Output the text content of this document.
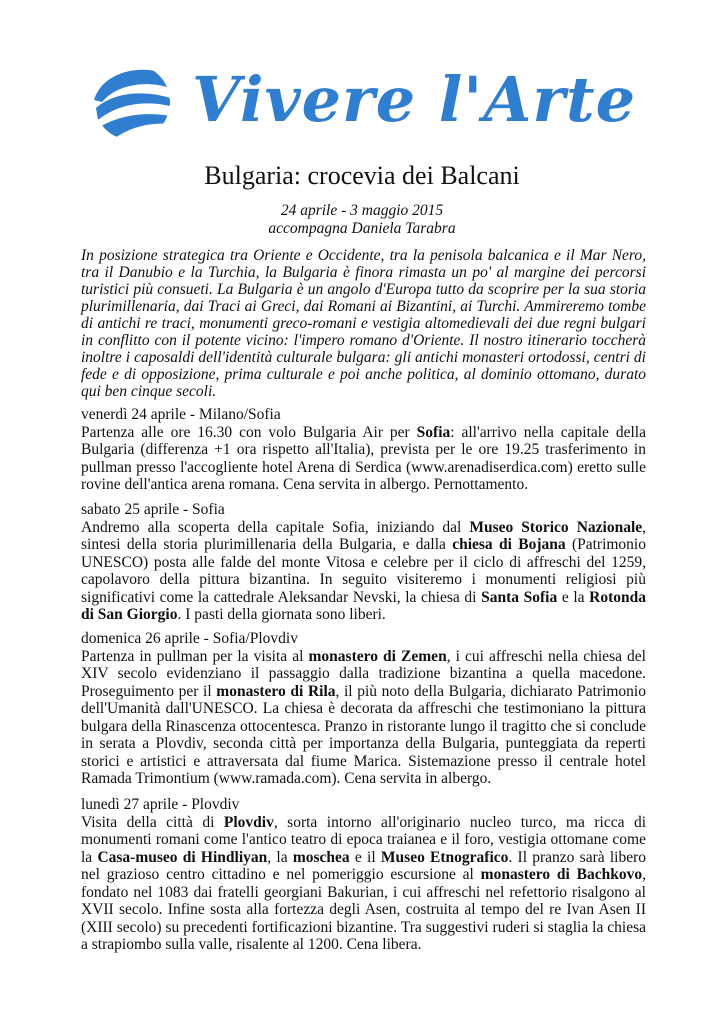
Vivere l'Arte
Bulgaria: crocevia dei Balcani
24 aprile - 3 maggio 2015
accompagna Daniela Tarabra
In posizione strategica tra Oriente e Occidente, tra la penisola balcanica e il Mar Nero, tra il Danubio e la Turchia, la Bulgaria è finora rimasta un po' al margine dei percorsi turistici più consueti. La Bulgaria è un angolo d'Europa tutto da scoprire per la sua storia plurimillenaria, dai Traci ai Greci, dai Romani ai Bizantini, ai Turchi. Ammireremo tombe di antichi re traci, monumenti greco-romani e vestigia altomedievali dei due regni bulgari in conflitto con il potente vicino: l'impero romano d'Oriente. Il nostro itinerario toccherà inoltre i caposaldi dell'identità culturale bulgara: gli antichi monasteri ortodossi, centri di fede e di opposizione, prima culturale e poi anche politica, al dominio ottomano, durato qui ben cinque secoli.
venerdì 24 aprile - Milano/Sofia
Partenza alle ore 16.30 con volo Bulgaria Air per Sofia: all'arrivo nella capitale della Bulgaria (differenza +1 ora rispetto all'Italia), prevista per le ore 19.25 trasferimento in pullman presso l'accogliente hotel Arena di Serdica (www.arenadiserdica.com) eretto sulle rovine dell'antica arena romana. Cena servita in albergo. Pernottamento.
sabato 25 aprile - Sofia
Andremo alla scoperta della capitale Sofia, iniziando dal Museo Storico Nazionale, sintesi della storia plurimillenaria della Bulgaria, e dalla chiesa di Bojana (Patrimonio UNESCO) posta alle falde del monte Vitosa e celebre per il ciclo di affreschi del 1259, capolavoro della pittura bizantina. In seguito visiteremo i monumenti religiosi più significativi come la cattedrale Aleksandar Nevski, la chiesa di Santa Sofia e la Rotonda di San Giorgio. I pasti della giornata sono liberi.
domenica 26 aprile - Sofia/Plovdiv
Partenza in pullman per la visita al monastero di Zemen, i cui affreschi nella chiesa del XIV secolo evidenziano il passaggio dalla tradizione bizantina a quella macedone. Proseguimento per il monastero di Rila, il più noto della Bulgaria, dichiarato Patrimonio dell'Umanità dall'UNESCO. La chiesa è decorata da affreschi che testimoniano la pittura bulgara della Rinascenza ottocentesca. Pranzo in ristorante lungo il tragitto che si conclude in serata a Plovdiv, seconda città per importanza della Bulgaria, punteggiata da reperti storici e artistici e attraversata dal fiume Marica. Sistemazione presso il centrale hotel Ramada Trimontium (www.ramada.com). Cena servita in albergo.
lunedì 27 aprile - Plovdiv
Visita della città di Plovdiv, sorta intorno all'originario nucleo turco, ma ricca di monumenti romani come l'antico teatro di epoca traianea e il foro, vestigia ottomane come la Casa-museo di Hindliyan, la moschea e il Museo Etnografico. Il pranzo sarà libero nel grazioso centro cittadino e nel pomeriggio escursione al monastero di Bachkovo, fondato nel 1083 dai fratelli georgiani Bakurian, i cui affreschi nel refettorio risalgono al XVII secolo. Infine sosta alla fortezza degli Asen, costruita al tempo del re Ivan Asen II (XIII secolo) su precedenti fortificazioni bizantine. Tra suggestivi ruderi si staglia la chiesa a strapiombo sulla valle, risalente al 1200. Cena libera.
